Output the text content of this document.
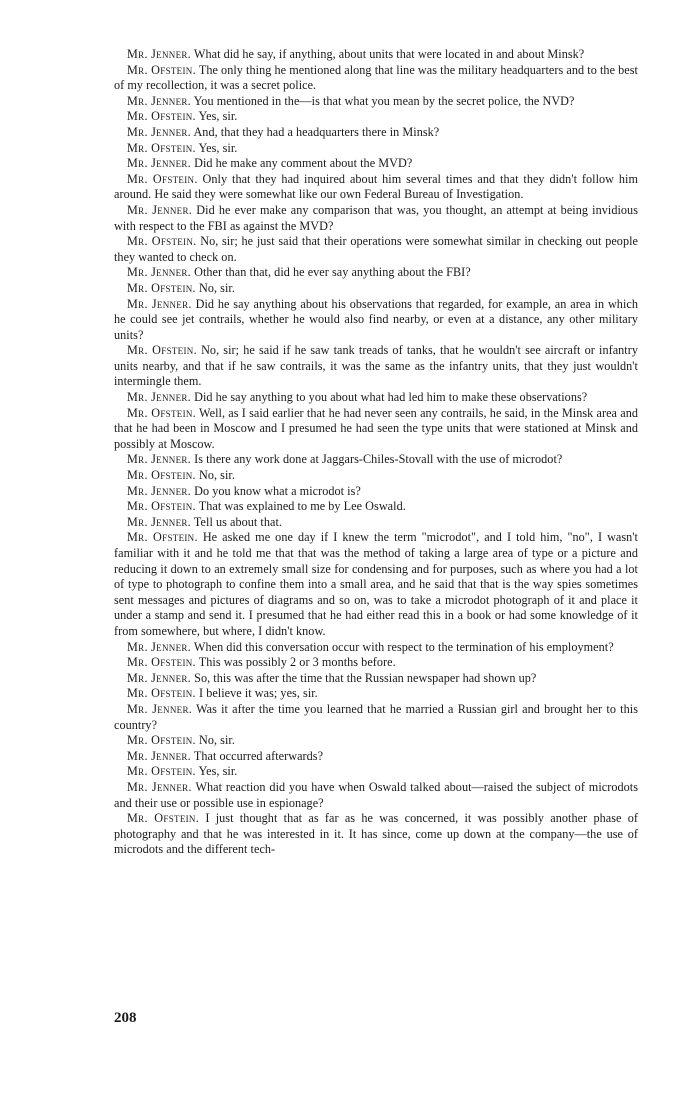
Mr. Jenner. What did he say, if anything, about units that were located in and about Minsk?

Mr. Ofstein. The only thing he mentioned along that line was the military headquarters and to the best of my recollection, it was a secret police.

Mr. Jenner. You mentioned in the—is that what you mean by the secret police, the NVD?

Mr. Ofstein. Yes, sir.

Mr. Jenner. And, that they had a headquarters there in Minsk?

Mr. Ofstein. Yes, sir.

Mr. Jenner. Did he make any comment about the MVD?

Mr. Ofstein. Only that they had inquired about him several times and that they didn't follow him around. He said they were somewhat like our own Federal Bureau of Investigation.

Mr. Jenner. Did he ever make any comparison that was, you thought, an attempt at being invidious with respect to the FBI as against the MVD?

Mr. Ofstein. No, sir; he just said that their operations were somewhat similar in checking out people they wanted to check on.

Mr. Jenner. Other than that, did he ever say anything about the FBI?

Mr. Ofstein. No, sir.

Mr. Jenner. Did he say anything about his observations that regarded, for example, an area in which he could see jet contrails, whether he would also find nearby, or even at a distance, any other military units?

Mr. Ofstein. No, sir; he said if he saw tank treads of tanks, that he wouldn't see aircraft or infantry units nearby, and that if he saw contrails, it was the same as the infantry units, that they just wouldn't intermingle them.

Mr. Jenner. Did he say anything to you about what had led him to make these observations?

Mr. Ofstein. Well, as I said earlier that he had never seen any contrails, he said, in the Minsk area and that he had been in Moscow and I presumed he had seen the type units that were stationed at Minsk and possibly at Moscow.

Mr. Jenner. Is there any work done at Jaggars-Chiles-Stovall with the use of microdot?

Mr. Ofstein. No, sir.

Mr. Jenner. Do you know what a microdot is?

Mr. Ofstein. That was explained to me by Lee Oswald.

Mr. Jenner. Tell us about that.

Mr. Ofstein. He asked me one day if I knew the term "microdot", and I told him, "no", I wasn't familiar with it and he told me that that was the method of taking a large area of type or a picture and reducing it down to an extremely small size for condensing and for purposes, such as where you had a lot of type to photograph to confine them into a small area, and he said that that is the way spies sometimes sent messages and pictures of diagrams and so on, was to take a microdot photograph of it and place it under a stamp and send it. I presumed that he had either read this in a book or had some knowledge of it from somewhere, but where, I didn't know.

Mr. Jenner. When did this conversation occur with respect to the termination of his employment?

Mr. Ofstein. This was possibly 2 or 3 months before.

Mr. Jenner. So, this was after the time that the Russian newspaper had shown up?

Mr. Ofstein. I believe it was; yes, sir.

Mr. Jenner. Was it after the time you learned that he married a Russian girl and brought her to this country?

Mr. Ofstein. No, sir.

Mr. Jenner. That occurred afterwards?

Mr. Ofstein. Yes, sir.

Mr. Jenner. What reaction did you have when Oswald talked about—raised the subject of microdots and their use or possible use in espionage?

Mr. Ofstein. I just thought that as far as he was concerned, it was possibly another phase of photography and that he was interested in it. It has since, come up down at the company—the use of microdots and the different tech-

208
